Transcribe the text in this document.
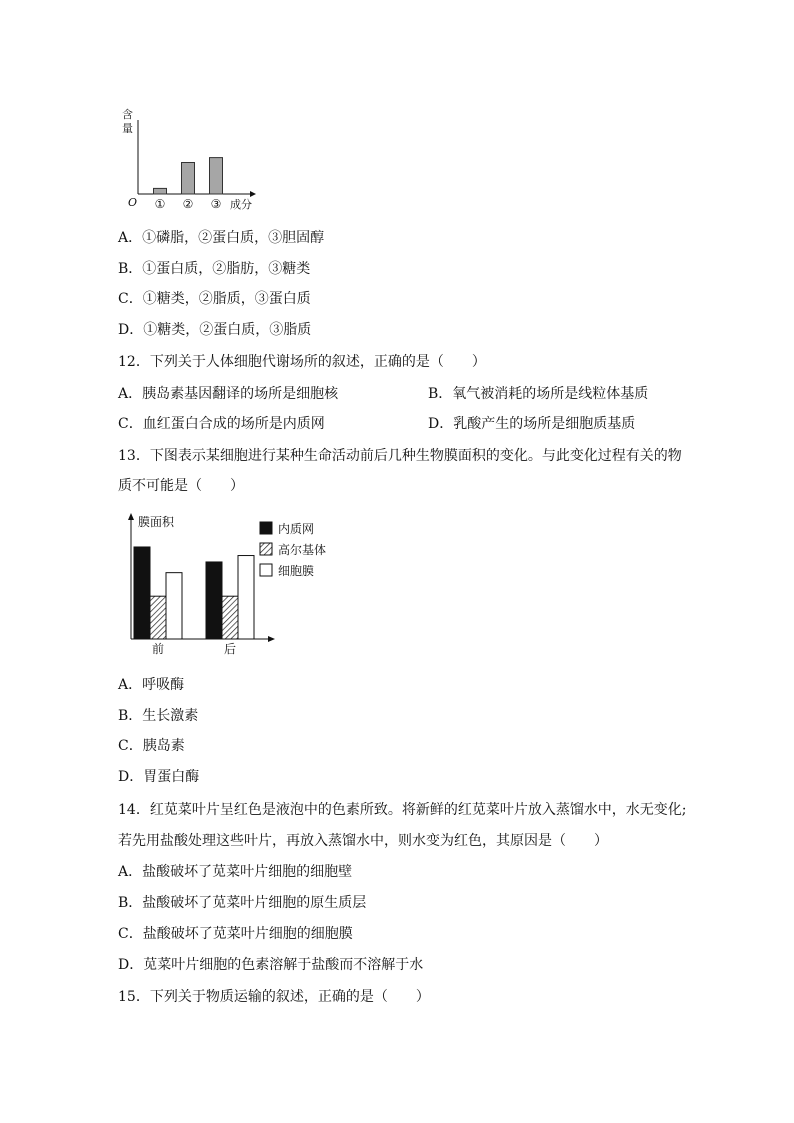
含
量
O	成分
① ② ③
A．①磷脂，②蛋白质，③胆固醇
B．①蛋白质，②脂肪，③糖类
C．①糖类，②脂质，③蛋白质
D．①糖类，②蛋白质，③脂质
12．下列关于人体细胞代谢场所的叙述，正确的是（　　）
A．胰岛素基因翻译的场所是细胞核	B．氧气被消耗的场所是线粒体基质
C．血红蛋白合成的场所是内质网	D．乳酸产生的场所是细胞质基质
13．下图表示某细胞进行某种生命活动前后几种生物膜面积的变化。与此变化过程有关的物
质不可能是（　　）
膜面积
前	后
内质网
高尔基体
细胞膜
A．呼吸酶
B．生长激素
C．胰岛素
D．胃蛋白酶
14．红苋菜叶片呈红色是液泡中的色素所致。将新鲜的红苋菜叶片放入蒸馏水中，水无变化;
若先用盐酸处理这些叶片，再放入蒸馏水中，则水变为红色，其原因是（　　）
A．盐酸破坏了苋菜叶片细胞的细胞壁
B．盐酸破坏了苋菜叶片细胞的原生质层
C．盐酸破坏了苋菜叶片细胞的细胞膜
D．苋菜叶片细胞的色素溶解于盐酸而不溶解于水
15．下列关于物质运输的叙述，正确的是（　　）
